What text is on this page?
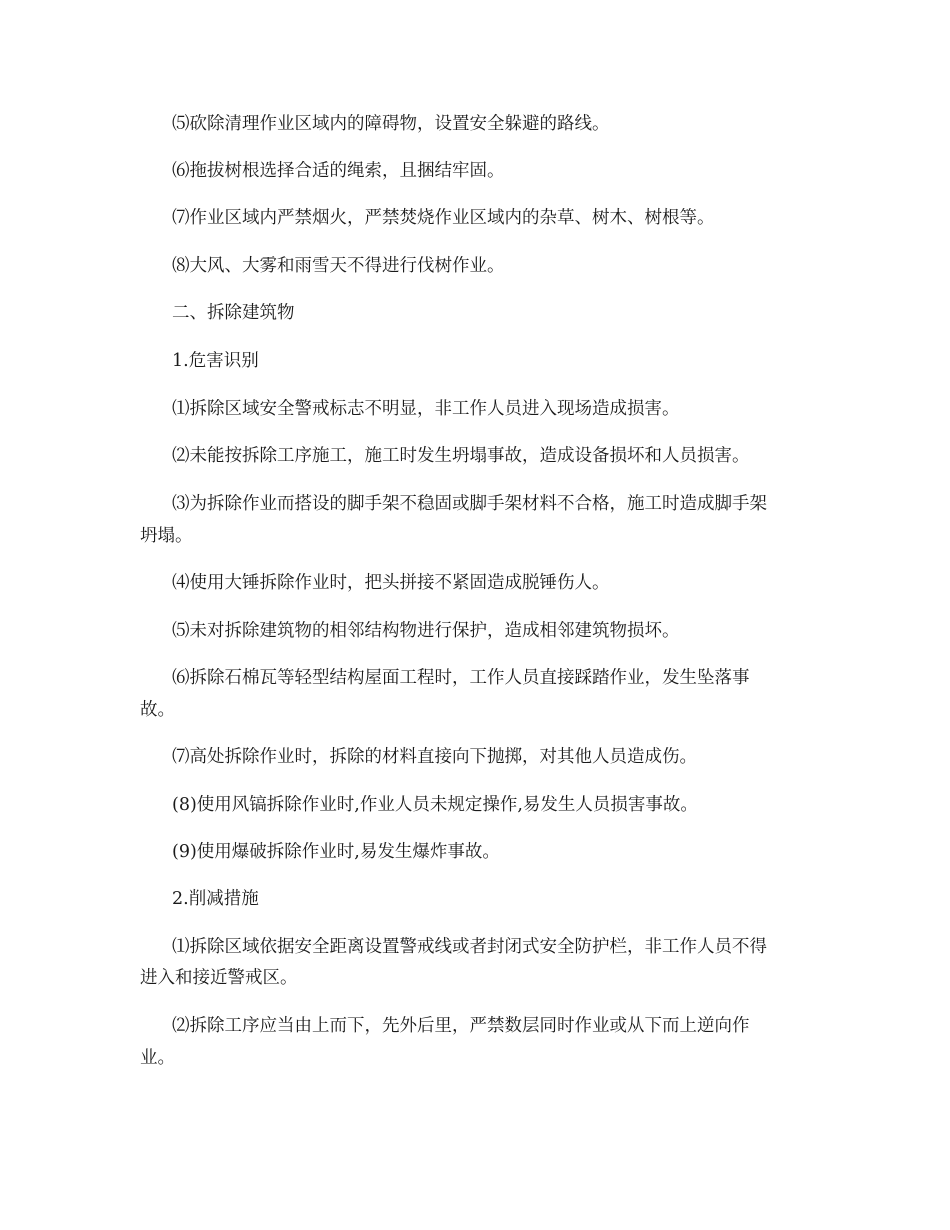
⑸砍除清理作业区域内的障碍物，设置安全躲避的路线。

⑹拖拔树根选择合适的绳索，且捆结牢固。

⑺作业区域内严禁烟火，严禁焚烧作业区域内的杂草、树木、树根等。

⑻大风、大雾和雨雪天不得进行伐树作业。

二、拆除建筑物

1.危害识别

⑴拆除区域安全警戒标志不明显，非工作人员进入现场造成损害。

⑵未能按拆除工序施工，施工时发生坍塌事故，造成设备损坏和人员损害。

⑶为拆除作业而搭设的脚手架不稳固或脚手架材料不合格，施工时造成脚手架

坍塌。

⑷使用大锤拆除作业时，把头拼接不紧固造成脱锤伤人。

⑸未对拆除建筑物的相邻结构物进行保护，造成相邻建筑物损坏。

⑹拆除石棉瓦等轻型结构屋面工程时，工作人员直接踩踏作业，发生坠落事

故。

⑺高处拆除作业时，拆除的材料直接向下抛掷，对其他人员造成伤。

(8)使用风镐拆除作业时,作业人员未规定操作,易发生人员损害事故。

(9)使用爆破拆除作业时,易发生爆炸事故。

2.削减措施

⑴拆除区域依据安全距离设置警戒线或者封闭式安全防护栏，非工作人员不得

进入和接近警戒区。

⑵拆除工序应当由上而下，先外后里，严禁数层同时作业或从下而上逆向作

业。
